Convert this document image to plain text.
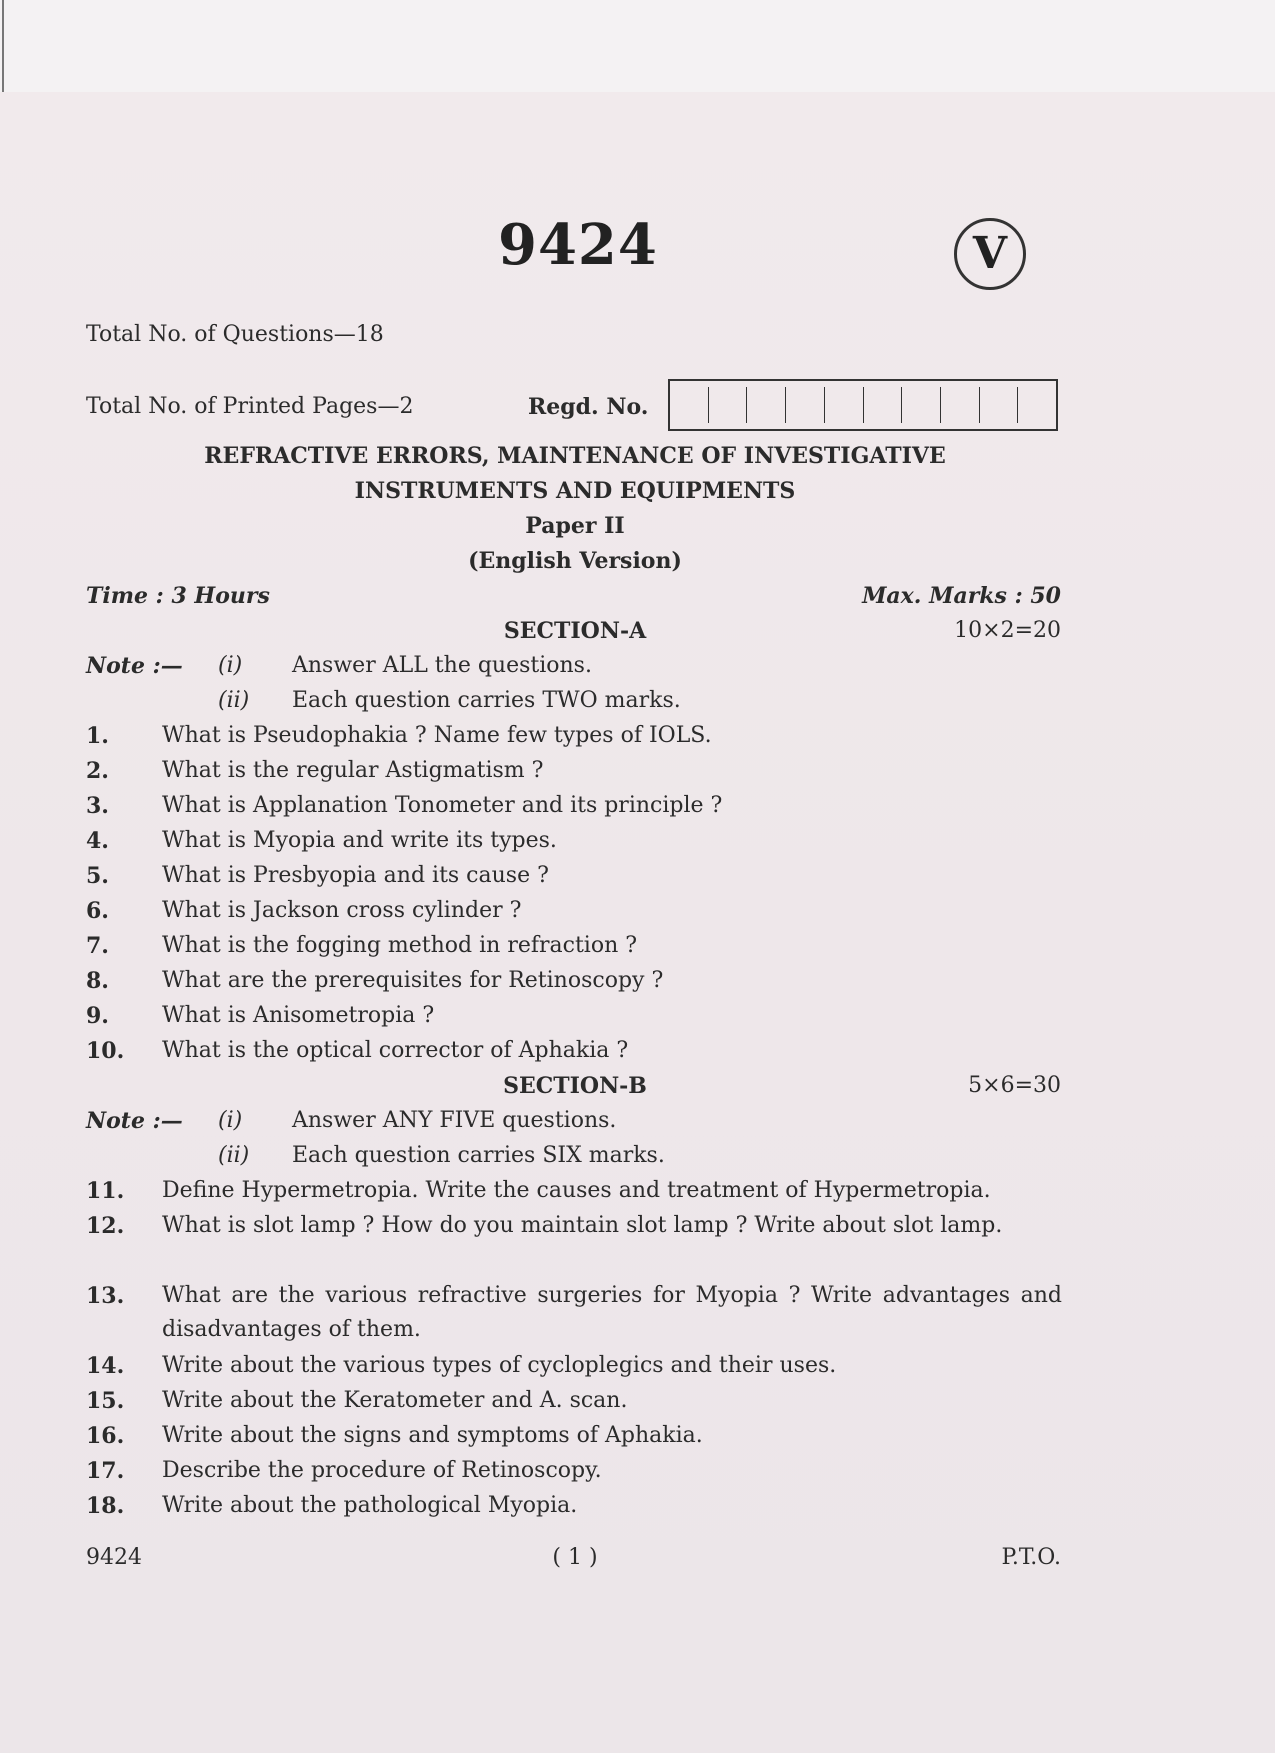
9424	V
Total No. of Questions—18
Total No. of Printed Pages—2	Regd. No.
REFRACTIVE ERRORS, MAINTENANCE OF INVESTIGATIVE
INSTRUMENTS AND EQUIPMENTS
Paper II
(English Version)
Time : 3 Hours	Max. Marks : 50
SECTION-A	10×2=20
Note :— (i) Answer ALL the questions.
(ii) Each question carries TWO marks.
1. What is Pseudophakia ? Name few types of IOLS.
2. What is the regular Astigmatism ?
3. What is Applanation Tonometer and its principle ?
4. What is Myopia and write its types.
5. What is Presbyopia and its cause ?
6. What is Jackson cross cylinder ?
7. What is the fogging method in refraction ?
8. What are the prerequisites for Retinoscopy ?
9. What is Anisometropia ?
10. What is the optical corrector of Aphakia ?
SECTION-B	5×6=30
Note :— (i) Answer ANY FIVE questions.
(ii) Each question carries SIX marks.
11. Define Hypermetropia. Write the causes and treatment of Hypermetropia.
12. What is slot lamp ? How do you maintain slot lamp ? Write about slot lamp.
13. What are the various refractive surgeries for Myopia ? Write advantages and disadvantages of them.
14. Write about the various types of cycloplegics and their uses.
15. Write about the Keratometer and A. scan.
16. Write about the signs and symptoms of Aphakia.
17. Describe the procedure of Retinoscopy.
18. Write about the pathological Myopia.
9424	( 1 )	P.T.O.
